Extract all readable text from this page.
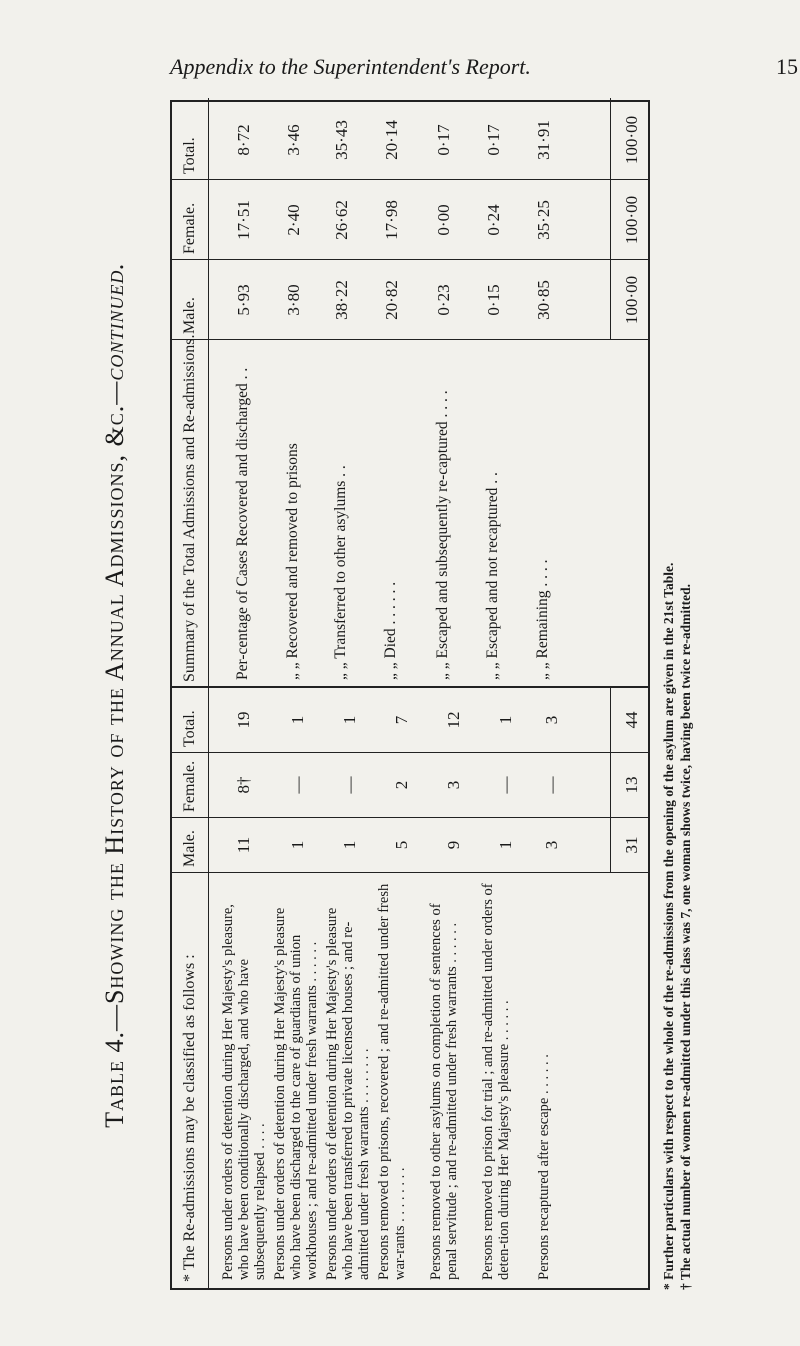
Appendix to the Superintendent's Report.	15
Table 4.—Showing the History of the Annual Admissions, &c.—continued.
* The Re-admissions may be classified as follows :
Male.
Female.
Total.
Summary of the Total Admissions and Re-admissions.
Male.
Female.
Total.
Persons under orders of detention during Her Majesty's pleasure, who have been conditionally discharged, and who have subsequently relapsed . . . .
11
8†
19
Persons under orders of detention during Her Majesty's pleasure who have been discharged to the care of guardians of union workhouses ; and re-admitted under fresh warrants . . . . . .
1
—
1
Persons under orders of detention during Her Majesty's pleasure who have been transferred to private licensed houses ; and re-admitted under fresh warrants . . . . . . . .
1
—
1
Persons removed to prisons, recovered ; and re-admitted under fresh war-rants . . . . . . . .
5
2
7
Persons removed to other asylums on completion of sentences of penal servitude ; and re-admitted under fresh warrants . . . . . .
9
3
12
Persons removed to prison for trial ; and re-admitted under orders of deten-tion during Her Majesty's pleasure . . . . . .
1
—
1
Persons recaptured after escape . . . . . .
3
—
3
31
13
44
Per-centage of Cases Recovered and discharged . .
5·93
17·51
8·72
„ „ Recovered and removed to prisons
3·80
2·40
3·46
„ „ Transferred to other asylums . .
38·22
26·62
35·43
„ „ Died . . . . . .
20·82
17·98
20·14
„ „ Escaped and subsequently re-captured . . . .
0·23
0·00
0·17
„ „ Escaped and not recaptured . .
0·15
0·24
0·17
„ „ Remaining . . . .
30·85
35·25
31·91
100·00
100·00
100·00
* Further particulars with respect to the whole of the re-admissions from the opening of the asylum are given in the 21st Table. † The actual number of women re-admitted under this class was 7, one woman shows twice, having been twice re-admitted.
